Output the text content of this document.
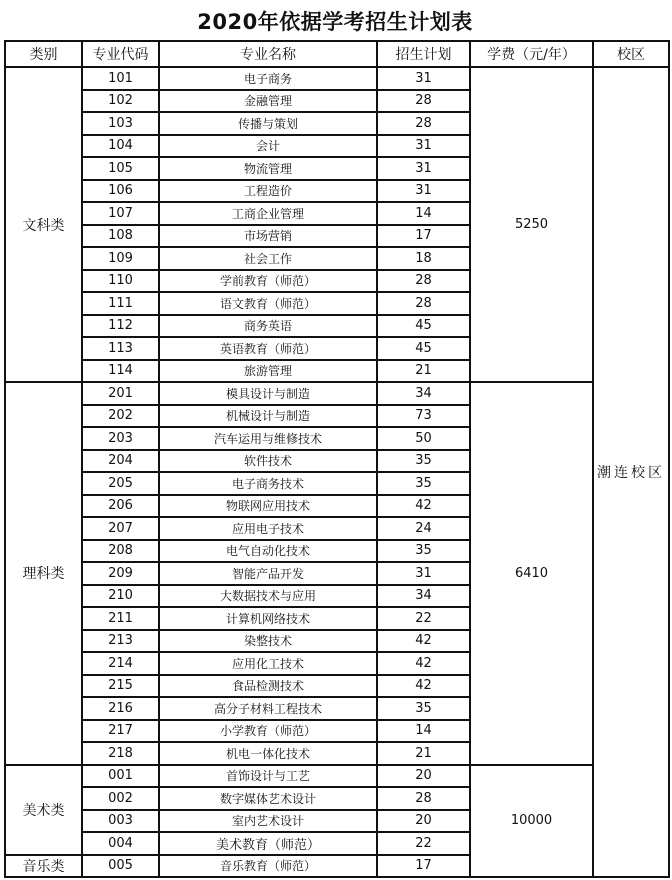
2020年依据学考招生计划表
类别	专业代码	专业名称	招生计划	学费（元/年）	校区
文科类	101	电子商务	31	5250	潮连校区
	102	金融管理	28		
	103	传播与策划	28		
	104	会计	31		
	105	物流管理	31		
	106	工程造价	31		
	107	工商企业管理	14		
	108	市场营销	17		
	109	社会工作	18		
	110	学前教育（师范）	28		
	111	语文教育（师范）	28		
	112	商务英语	45		
	113	英语教育（师范）	45		
	114	旅游管理	21		
理科类	201	模具设计与制造	34	6410	
	202	机械设计与制造	73		
	203	汽车运用与维修技术	50		
	204	软件技术	35		
	205	电子商务技术	35		
	206	物联网应用技术	42		
	207	应用电子技术	24		
	208	电气自动化技术	35		
	209	智能产品开发	31		
	210	大数据技术与应用	34		
	211	计算机网络技术	22		
	213	染整技术	42		
	214	应用化工技术	42		
	215	食品检测技术	42		
	216	高分子材料工程技术	35		
	217	小学教育（师范）	14		
	218	机电一体化技术	21		
美术类	001	首饰设计与工艺	20	10000	
	002	数字媒体艺术设计	28		
	003	室内艺术设计	20		
	004	美术教育（师范）	22		
音乐类	005	音乐教育（师范）	17		
